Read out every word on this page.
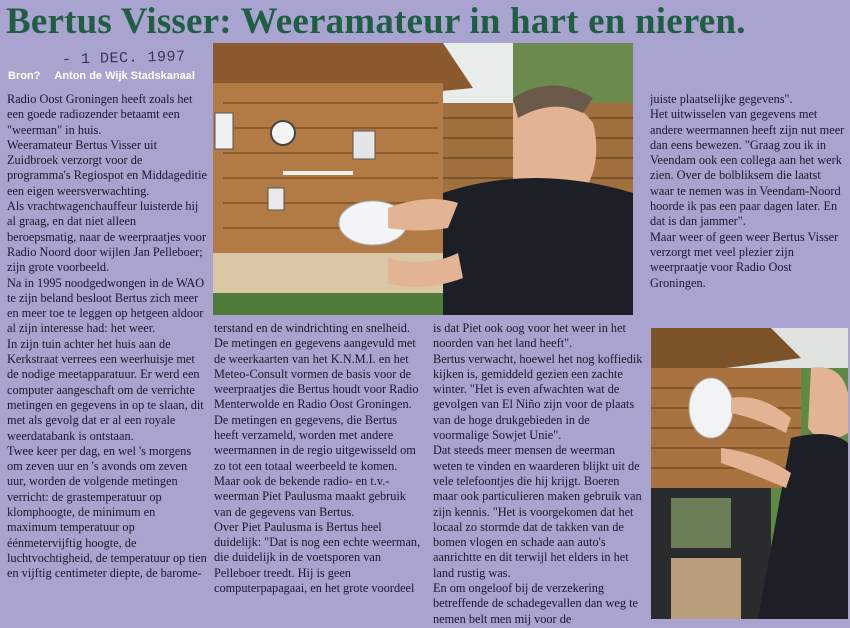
Bertus Visser: Weeramateur in hart en nieren.
- 1 DEC. 1997
Bron? Anton de Wijk Stadskanaal

Radio Oost Groningen heeft zoals het een goede radiozender betaamt een "weerman" in huis.

Weeramateur Bertus Visser uit Zuidbroek verzorgt voor de programma's Regiospot en Middageditie een eigen weersverwachting.

Als vrachtwagenchauffeur luisterde hij al graag, en dat niet alleen beroepsmatig, naar de weerpraatjes voor Radio Noord door wijlen Jan Pelleboer; zijn grote voorbeeld.

Na in 1995 noodgedwongen in de WAO te zijn beland besloot Bertus zich meer en meer toe te leggen op hetgeen aldoor al zijn interesse had: het weer.

In zijn tuin achter het huis aan de Kerkstraat verrees een weerhuisje met de nodige meetapparatuur. Er werd een computer aangeschaft om de verrichte metingen en gegevens in op te slaan, dit met als gevolg dat er al een royale weerdatabank is ontstaan.

Twee keer per dag, en wel 's morgens om zeven uur en 's avonds om zeven uur, worden de volgende metingen verricht: de grastemperatuur op klomphoogte, de minimum en maximum temperatuur op éénmetervijftig hoogte, de luchtvochtigheid, de temperatuur op tien en vijftig centimeter diepte, de barome-

juiste plaatselijke gegevens".

Het uitwisselen van gegevens met andere weermannen heeft zijn nut meer dan eens bewezen. "Graag zou ik in Veendam ook een collega aan het werk zien. Over de bolbliksem die laatst waar te nemen was in Veendam-Noord hoorde ik pas een paar dagen later. En dat is dan jammer".

Maar weer of geen weer Bertus Visser verzorgt met veel plezier zijn weerpraatje voor Radio Oost Groningen.

terstand en de windrichting en snelheid.

De metingen en gegevens aangevuld met de weerkaarten van het K.N.M.I. en het Meteo-Consult vormen de basis voor de weerpraatjes die Bertus houdt voor Radio Menterwolde en Radio Oost Groningen.

De metingen en gegevens, die Bertus heeft verzameld, worden met andere weermannen in de regio uitgewisseld om zo tot een totaal weerbeeld te komen. Maar ook de bekende radio- en t.v.-weerman Piet Paulusma maakt gebruik van de gegevens van Bertus.

Over Piet Paulusma is Bertus heel duidelijk: "Dat is nog een echte weerman, die duidelijk in de voetsporen van Pelleboer treedt. Hij is geen computerpapagaai, en het grote voordeel

is dat Piet ook oog voor het weer in het noorden van het land heeft".

Bertus verwacht, hoewel het nog koffiedik kijken is, gemiddeld gezien een zachte winter. "Het is even afwachten wat de gevolgen van El Niño zijn voor de plaats van de hoge drukgebieden in de voormalige Sowjet Unie".

Dat steeds meer mensen de weerman weten te vinden en waarderen blijkt uit de vele telefoontjes die hij krijgt. Boeren maar ook particulieren maken gebruik van zijn kennis. "Het is voorgekomen dat het locaal zo stormde dat de takken van de bomen vlogen en schade aan auto's aanrichtte en dit terwijl het elders in het land rustig was.

En om ongeloof bij de verzekering betreffende de schadegevallen dan weg te nemen belt men mij voor de
